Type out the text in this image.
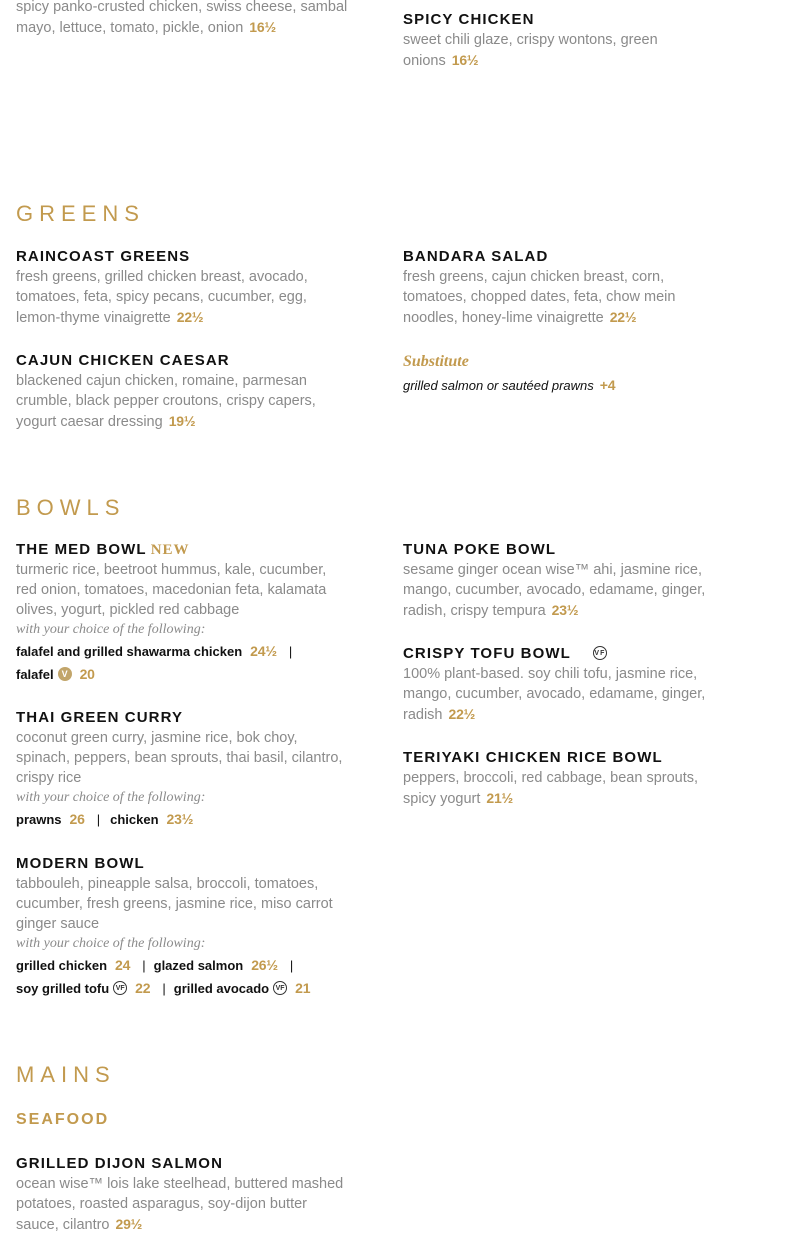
spicy panko-crusted chicken, swiss cheese, sambal mayo, lettuce, tomato, pickle, onion 16½	SPICY CHICKEN
sweet chili glaze, crispy wontons, green onions 16½
GREENS
RAINCOAST GREENS
fresh greens, grilled chicken breast, avocado, tomatoes, feta, spicy pecans, cucumber, egg, lemon-thyme vinaigrette 22½
BANDARA SALAD
fresh greens, cajun chicken breast, corn, tomatoes, chopped dates, feta, chow mein noodles, honey-lime vinaigrette 22½
CAJUN CHICKEN CAESAR
blackened cajun chicken, romaine, parmesan crumble, black pepper croutons, crispy capers, yogurt caesar dressing 19½
Substitute
grilled salmon or sautéed prawns +4
BOWLS
THE MED BOWL NEW
turmeric rice, beetroot hummus, kale, cucumber, red onion, tomatoes, macedonian feta, kalamata olives, yogurt, pickled red cabbage
with your choice of the following:
falafel and grilled shawarma chicken 24½ |
falafel V 20
TUNA POKE BOWL
sesame ginger ocean wise™ ahi, jasmine rice, mango, cucumber, avocado, edamame, ginger, radish, crispy tempura 23½
CRISPY TOFU BOWL	VF
100% plant-based. soy chili tofu, jasmine rice, mango, cucumber, avocado, edamame, ginger, radish 22½
TERIYAKI CHICKEN RICE BOWL
peppers, broccoli, red cabbage, bean sprouts, spicy yogurt 21½
THAI GREEN CURRY
coconut green curry, jasmine rice, bok choy, spinach, peppers, bean sprouts, thai basil, cilantro, crispy rice
with your choice of the following:
prawns 26 | chicken 23½
MODERN BOWL
tabbouleh, pineapple salsa, broccoli, tomatoes, cucumber, fresh greens, jasmine rice, miso carrot ginger sauce
with your choice of the following:
grilled chicken 24 | glazed salmon 26½ |
soy grilled tofu VF 22 | grilled avocado VF 21
MAINS
SEAFOOD
GRILLED DIJON SALMON
ocean wise™ lois lake steelhead, buttered mashed potatoes, roasted asparagus, soy-dijon butter sauce, cilantro 29½
